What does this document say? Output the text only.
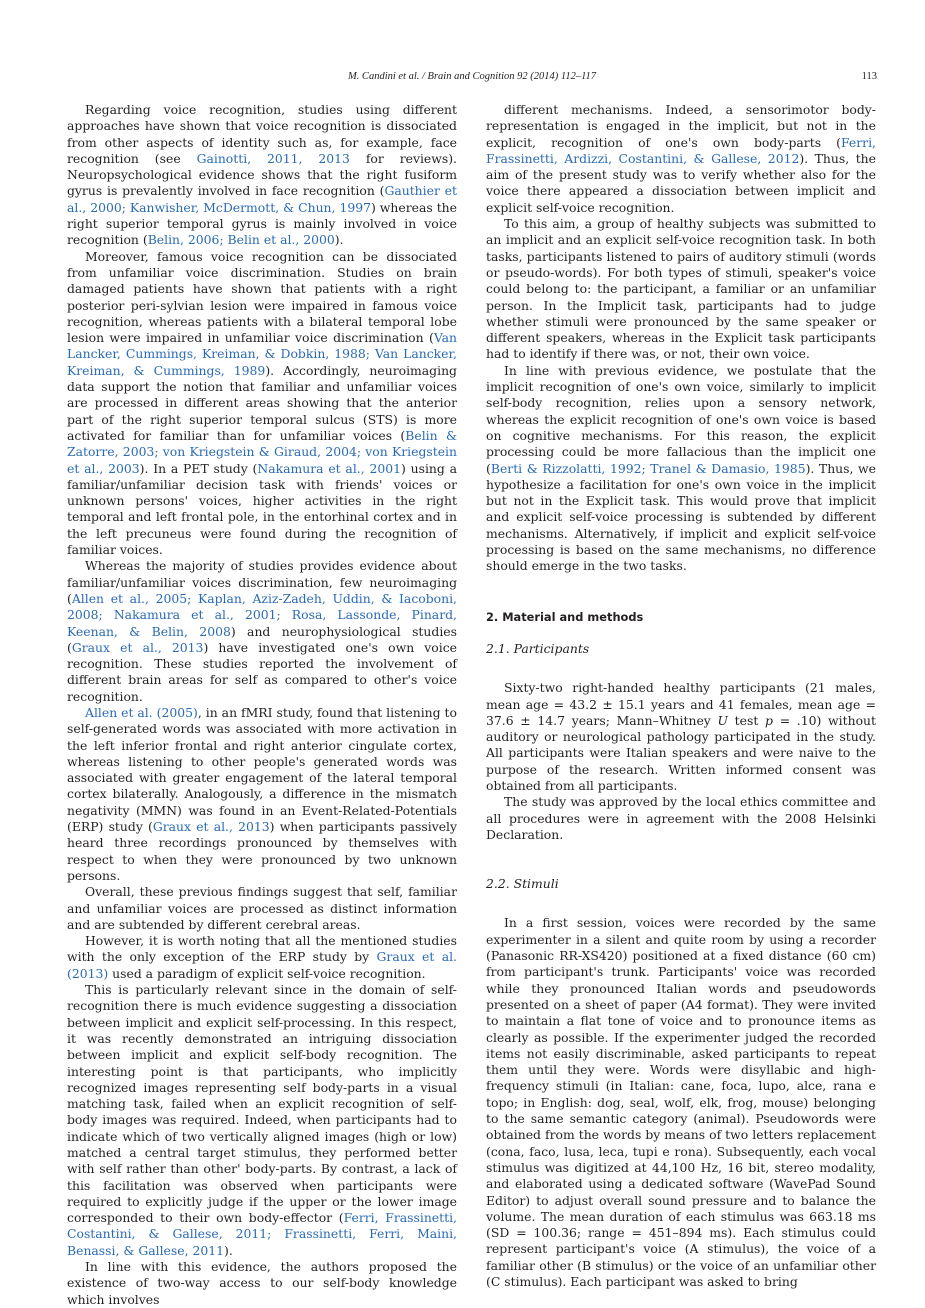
M. Candini et al. / Brain and Cognition 92 (2014) 112–117	113

Regarding voice recognition, studies using different approaches have shown that voice recognition is dissociated from other aspects of identity such as, for example, face recognition (see Gainotti, 2011, 2013 for reviews). Neuropsychological evidence shows that the right fusiform gyrus is prevalently involved in face recognition (Gauthier et al., 2000; Kanwisher, McDermott, & Chun, 1997) whereas the right superior temporal gyrus is mainly involved in voice recognition (Belin, 2006; Belin et al., 2000).

Moreover, famous voice recognition can be dissociated from unfamiliar voice discrimination. Studies on brain damaged patients have shown that patients with a right posterior peri-sylvian lesion were impaired in famous voice recognition, whereas patients with a bilateral temporal lobe lesion were impaired in unfamiliar voice discrimination (Van Lancker, Cummings, Kreiman, & Dobkin, 1988; Van Lancker, Kreiman, & Cummings, 1989). Accordingly, neuroimaging data support the notion that familiar and unfamiliar voices are processed in different areas showing that the anterior part of the right superior temporal sulcus (STS) is more activated for familiar than for unfamiliar voices (Belin & Zatorre, 2003; von Kriegstein & Giraud, 2004; von Kriegstein et al., 2003). In a PET study (Nakamura et al., 2001) using a familiar/unfamiliar decision task with friends' voices or unknown persons' voices, higher activities in the right temporal and left frontal pole, in the entorhinal cortex and in the left precuneus were found during the recognition of familiar voices.

Whereas the majority of studies provides evidence about familiar/unfamiliar voices discrimination, few neuroimaging (Allen et al., 2005; Kaplan, Aziz-Zadeh, Uddin, & Iacoboni, 2008; Nakamura et al., 2001; Rosa, Lassonde, Pinard, Keenan, & Belin, 2008) and neurophysiological studies (Graux et al., 2013) have investigated one's own voice recognition. These studies reported the involvement of different brain areas for self as compared to other's voice recognition.

Allen et al. (2005), in an fMRI study, found that listening to self-generated words was associated with more activation in the left inferior frontal and right anterior cingulate cortex, whereas listening to other people's generated words was associated with greater engagement of the lateral temporal cortex bilaterally. Analogously, a difference in the mismatch negativity (MMN) was found in an Event-Related-Potentials (ERP) study (Graux et al., 2013) when participants passively heard three recordings pronounced by themselves with respect to when they were pronounced by two unknown persons.

Overall, these previous findings suggest that self, familiar and unfamiliar voices are processed as distinct information and are subtended by different cerebral areas.

However, it is worth noting that all the mentioned studies with the only exception of the ERP study by Graux et al. (2013) used a paradigm of explicit self-voice recognition.

This is particularly relevant since in the domain of self-recognition there is much evidence suggesting a dissociation between implicit and explicit self-processing. In this respect, it was recently demonstrated an intriguing dissociation between implicit and explicit self-body recognition. The interesting point is that participants, who implicitly recognized images representing self body-parts in a visual matching task, failed when an explicit recognition of self-body images was required. Indeed, when participants had to indicate which of two vertically aligned images (high or low) matched a central target stimulus, they performed better with self rather than other' body-parts. By contrast, a lack of this facilitation was observed when participants were required to explicitly judge if the upper or the lower image corresponded to their own body-effector (Ferri, Frassinetti, Costantini, & Gallese, 2011; Frassinetti, Ferri, Maini, Benassi, & Gallese, 2011).

In line with this evidence, the authors proposed the existence of two-way access to our self-body knowledge which involves

different mechanisms. Indeed, a sensorimotor body-representation is engaged in the implicit, but not in the explicit, recognition of one's own body-parts (Ferri, Frassinetti, Ardizzi, Costantini, & Gallese, 2012). Thus, the aim of the present study was to verify whether also for the voice there appeared a dissociation between implicit and explicit self-voice recognition.

To this aim, a group of healthy subjects was submitted to an implicit and an explicit self-voice recognition task. In both tasks, participants listened to pairs of auditory stimuli (words or pseudo-words). For both types of stimuli, speaker's voice could belong to: the participant, a familiar or an unfamiliar person. In the Implicit task, participants had to judge whether stimuli were pronounced by the same speaker or different speakers, whereas in the Explicit task participants had to identify if there was, or not, their own voice.

In line with previous evidence, we postulate that the implicit recognition of one's own voice, similarly to implicit self-body recognition, relies upon a sensory network, whereas the explicit recognition of one's own voice is based on cognitive mechanisms. For this reason, the explicit processing could be more fallacious than the implicit one (Berti & Rizzolatti, 1992; Tranel & Damasio, 1985). Thus, we hypothesize a facilitation for one's own voice in the implicit but not in the Explicit task. This would prove that implicit and explicit self-voice processing is subtended by different mechanisms. Alternatively, if implicit and explicit self-voice processing is based on the same mechanisms, no difference should emerge in the two tasks.

2. Material and methods
2.1. Participants

Sixty-two right-handed healthy participants (21 males, mean age = 43.2 ± 15.1 years and 41 females, mean age = 37.6 ± 14.7 years; Mann–Whitney U test p = .10) without auditory or neurological pathology participated in the study. All participants were Italian speakers and were naive to the purpose of the research. Written informed consent was obtained from all participants.

The study was approved by the local ethics committee and all procedures were in agreement with the 2008 Helsinki Declaration.

2.2. Stimuli

In a first session, voices were recorded by the same experimenter in a silent and quite room by using a recorder (Panasonic RR-XS420) positioned at a fixed distance (60 cm) from participant's trunk. Participants' voice was recorded while they pronounced Italian words and pseudowords presented on a sheet of paper (A4 format). They were invited to maintain a flat tone of voice and to pronounce items as clearly as possible. If the experimenter judged the recorded items not easily discriminable, asked participants to repeat them until they were. Words were disyllabic and high-frequency stimuli (in Italian: cane, foca, lupo, alce, rana e topo; in English: dog, seal, wolf, elk, frog, mouse) belonging to the same semantic category (animal). Pseudowords were obtained from the words by means of two letters replacement (cona, faco, lusa, leca, tupi e rona). Subsequently, each vocal stimulus was digitized at 44,100 Hz, 16 bit, stereo modality, and elaborated using a dedicated software (WavePad Sound Editor) to adjust overall sound pressure and to balance the volume. The mean duration of each stimulus was 663.18 ms (SD = 100.36; range = 451–894 ms). Each stimulus could represent participant's voice (A stimulus), the voice of a familiar other (B stimulus) or the voice of an unfamiliar other (C stimulus). Each participant was asked to bring
